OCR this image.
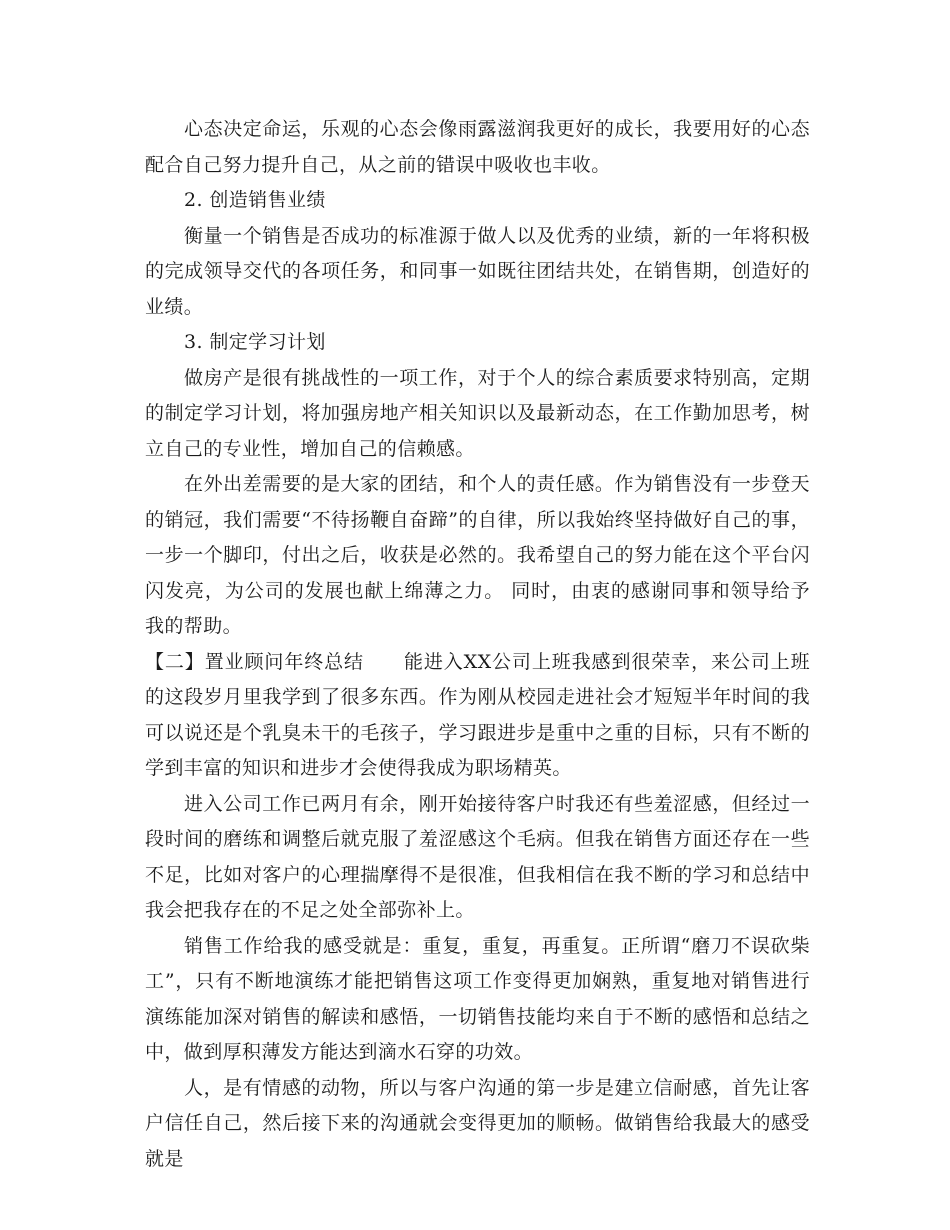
心态决定命运，乐观的心态会像雨露滋润我更好的成长，我要用好的心态配合自己努力提升自己，从之前的错误中吸收也丰收。

2. 创造销售业绩

衡量一个销售是否成功的标准源于做人以及优秀的业绩，新的一年将积极的完成领导交代的各项任务，和同事一如既往团结共处，在销售期，创造好的业绩。

3. 制定学习计划

做房产是很有挑战性的一项工作，对于个人的综合素质要求特别高，定期的制定学习计划，将加强房地产相关知识以及最新动态，在工作勤加思考，树立自己的专业性，增加自己的信赖感。

在外出差需要的是大家的团结，和个人的责任感。作为销售没有一步登天的销冠，我们需要“不待扬鞭自奋蹄”的自律，所以我始终坚持做好自己的事，一步一个脚印，付出之后，收获是必然的。我希望自己的努力能在这个平台闪闪发亮，为公司的发展也献上绵薄之力。 同时，由衷的感谢同事和领导给予我的帮助。

【二】置业顾问年终总结 能进入XX公司上班我感到很荣幸，来公司上班的这段岁月里我学到了很多东西。作为刚从校园走进社会才短短半年时间的我可以说还是个乳臭未干的毛孩子，学习跟进步是重中之重的目标，只有不断的学到丰富的知识和进步才会使得我成为职场精英。

进入公司工作已两月有余，刚开始接待客户时我还有些羞涩感，但经过一段时间的磨练和调整后就克服了羞涩感这个毛病。但我在销售方面还存在一些不足，比如对客户的心理揣摩得不是很准，但我相信在我不断的学习和总结中我会把我存在的不足之处全部弥补上。

销售工作给我的感受就是：重复，重复，再重复。正所谓“磨刀不误砍柴工”，只有不断地演练才能把销售这项工作变得更加娴熟，重复地对销售进行演练能加深对销售的解读和感悟，一切销售技能均来自于不断的感悟和总结之中，做到厚积薄发方能达到滴水石穿的功效。

人，是有情感的动物，所以与客户沟通的第一步是建立信耐感，首先让客户信任自己，然后接下来的沟通就会变得更加的顺畅。做销售给我最大的感受就是
